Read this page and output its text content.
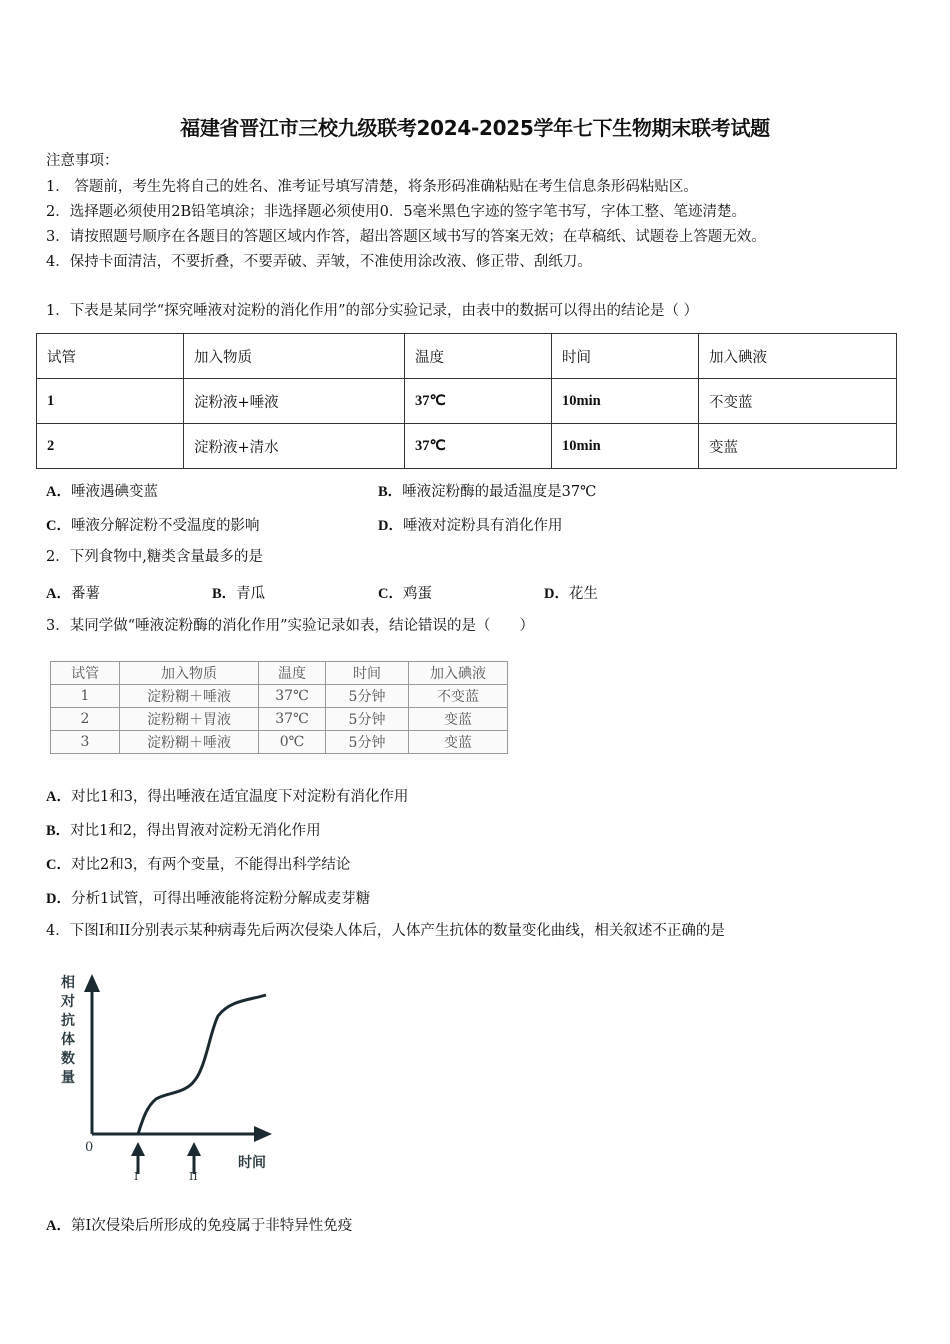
福建省晋江市三校九级联考2024-2025学年七下生物期末联考试题
注意事项：
1． 答题前，考生先将自己的姓名、准考证号填写清楚，将条形码准确粘贴在考生信息条形码粘贴区。
2．选择题必须使用2B铅笔填涂；非选择题必须使用0．5毫米黑色字迹的签字笔书写，字体工整、笔迹清楚。
3．请按照题号顺序在各题目的答题区域内作答，超出答题区域书写的答案无效；在草稿纸、试题卷上答题无效。
4．保持卡面清洁，不要折叠，不要弄破、弄皱，不准使用涂改液、修正带、刮纸刀。
1．下表是某同学“探究唾液对淀粉的消化作用”的部分实验记录，由表中的数据可以得出的结论是（ ）
试管	加入物质	温度	时间	加入碘液
1	淀粉液+唾液	37℃	10min	不变蓝
2	淀粉液+清水	37℃	10min	变蓝
A．唾液遇碘变蓝	B．唾液淀粉酶的最适温度是37℃
C．唾液分解淀粉不受温度的影响	D．唾液对淀粉具有消化作用
2．下列食物中,糖类含量最多的是
A．番薯	B．青瓜	C．鸡蛋	D．花生
3．某同学做“唾液淀粉酶的消化作用”实验记录如表，结论错误的是（　　）
试管	加入物质	温度	时间	加入碘液
1	淀粉糊＋唾液	37℃	5分钟	不变蓝
2	淀粉糊＋胃液	37℃	5分钟	变蓝
3	淀粉糊＋唾液	0℃	5分钟	变蓝
A．对比1和3，得出唾液在适宜温度下对淀粉有消化作用
B．对比1和2，得出胃液对淀粉无消化作用
C．对比2和3，有两个变量，不能得出科学结论
D．分析1试管，可得出唾液能将淀粉分解成麦芽糖
4．下图I和II分别表示某种病毒先后两次侵染人体后，人体产生抗体的数量变化曲线，相关叙述不正确的是
相
对
抗
体
数
量
0
时间
I	II
A．第I次侵染后所形成的免疫属于非特异性免疫
